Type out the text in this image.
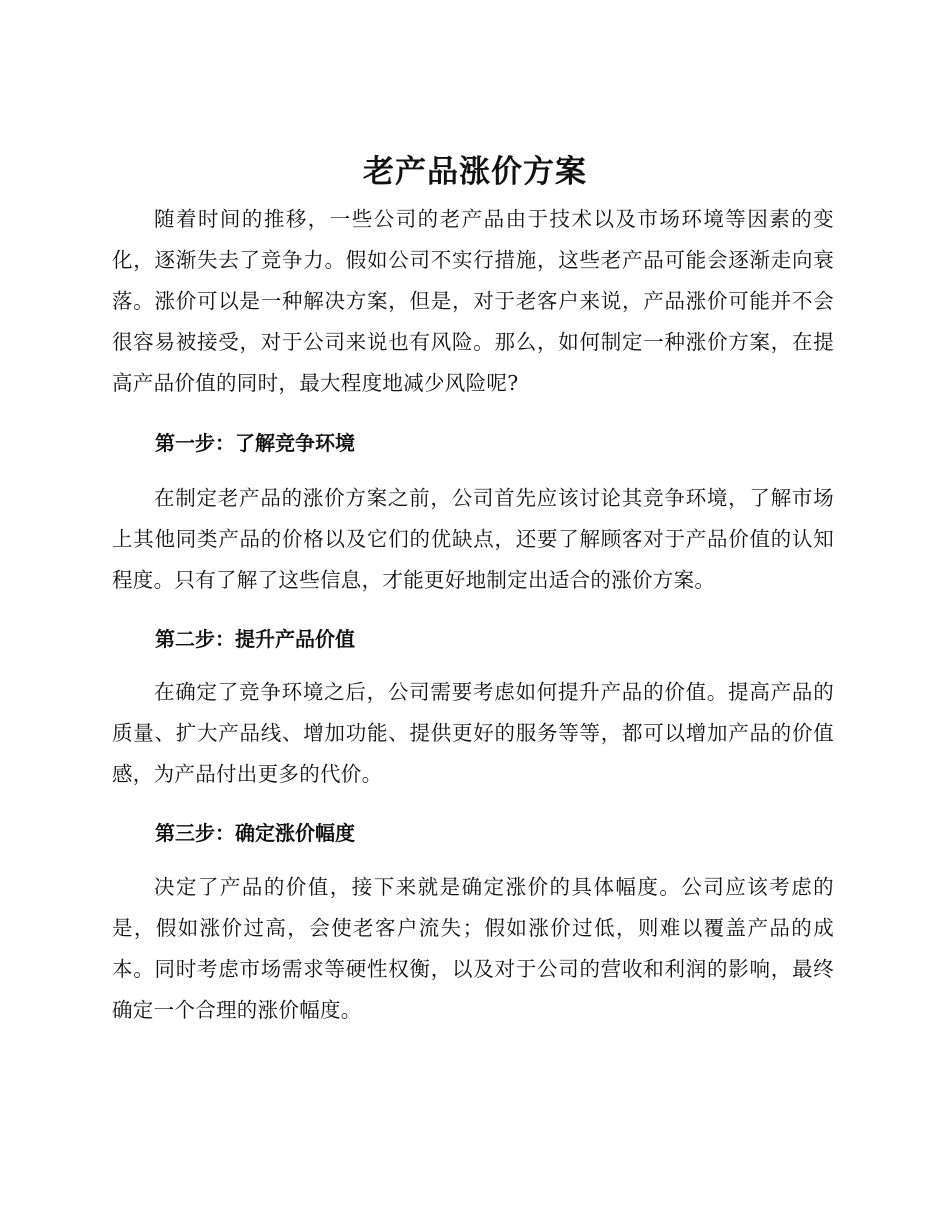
老产品涨价方案

随着时间的推移，一些公司的老产品由于技术以及市场环境等因素的变化，逐渐失去了竞争力。假如公司不实行措施，这些老产品可能会逐渐走向衰落。涨价可以是一种解决方案，但是，对于老客户来说，产品涨价可能并不会很容易被接受，对于公司来说也有风险。那么，如何制定一种涨价方案，在提高产品价值的同时，最大程度地减少风险呢?

第一步：了解竞争环境

在制定老产品的涨价方案之前，公司首先应该讨论其竞争环境，了解市场上其他同类产品的价格以及它们的优缺点，还要了解顾客对于产品价值的认知程度。只有了解了这些信息，才能更好地制定出适合的涨价方案。

第二步：提升产品价值

在确定了竞争环境之后，公司需要考虑如何提升产品的价值。提高产品的质量、扩大产品线、增加功能、提供更好的服务等等，都可以增加产品的价值感，为产品付出更多的代价。

第三步：确定涨价幅度

决定了产品的价值，接下来就是确定涨价的具体幅度。公司应该考虑的是，假如涨价过高，会使老客户流失；假如涨价过低，则难以覆盖产品的成本。同时考虑市场需求等硬性权衡，以及对于公司的营收和利润的影响，最终确定一个合理的涨价幅度。
